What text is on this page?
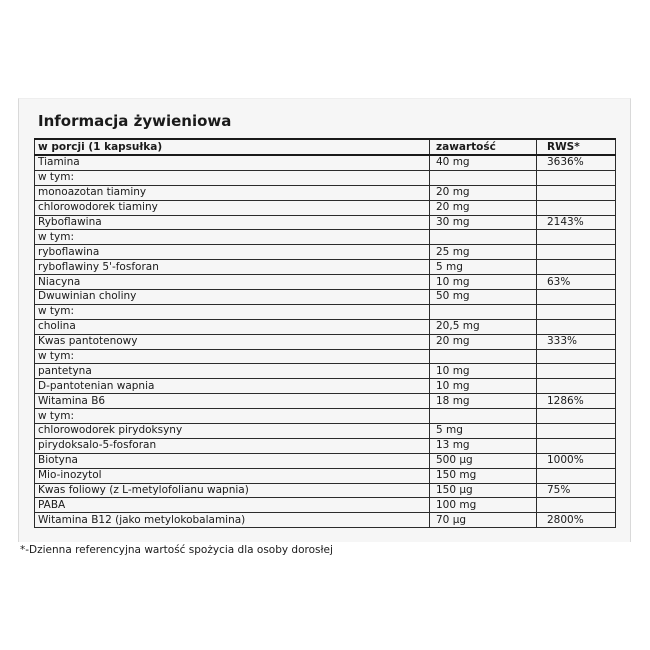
Informacja żywieniowa
w porcji (1 kapsułka)	zawartość	RWS*
Tiamina	40 mg	3636%
w tym:		
monoazotan tiaminy	20 mg	
chlorowodorek tiaminy	20 mg	
Ryboflawina	30 mg	2143%
w tym:		
ryboflawina	25 mg	
ryboflawiny 5'-fosforan	5 mg	
Niacyna	10 mg	63%
Dwuwinian choliny	50 mg	
w tym:		
cholina	20,5 mg	
Kwas pantotenowy	20 mg	333%
w tym:		
pantetyna	10 mg	
D-pantotenian wapnia	10 mg	
Witamina B6	18 mg	1286%
w tym:		
chlorowodorek pirydoksyny	5 mg	
pirydoksalo-5-fosforan	13 mg	
Biotyna	500 µg	1000%
Mio-inozytol	150 mg	
Kwas foliowy (z L-metylofolianu wapnia)	150 µg	75%
PABA	100 mg	
Witamina B12 (jako metylokobalamina)	70 µg	2800%
*-Dzienna referencyjna wartość spożycia dla osoby dorosłej
